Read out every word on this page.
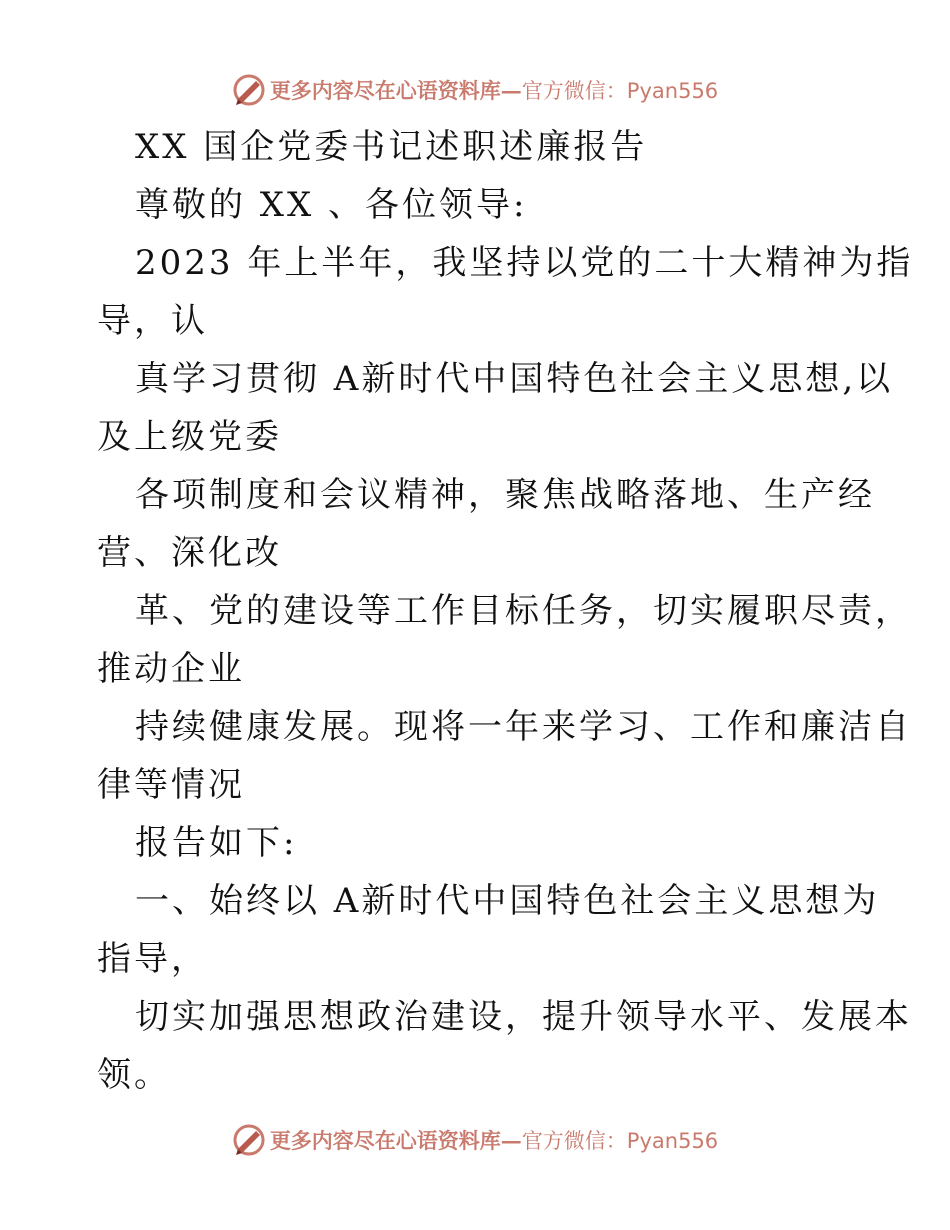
更多内容尽在心语资料库— 官方微信：Pyan556
XX 国企党委书记述职述廉报告
尊敬的 XX 、各位领导:
2023 年上半年，我坚持以党的二十大精神为指
导，认
真学习贯彻 A新时代中国特色社会主义思想,以
及上级党委
各项制度和会议精神，聚焦战略落地、生产经
营、深化改
革、党的建设等工作目标任务，切实履职尽责，
推动企业
持续健康发展。现将一年来学习、工作和廉洁自
律等情况
报告如下:
一、始终以 A新时代中国特色社会主义思想为
指导，
切实加强思想政治建设，提升领导水平、发展本
领。
更多内容尽在心语资料库— 官方微信：Pyan556
